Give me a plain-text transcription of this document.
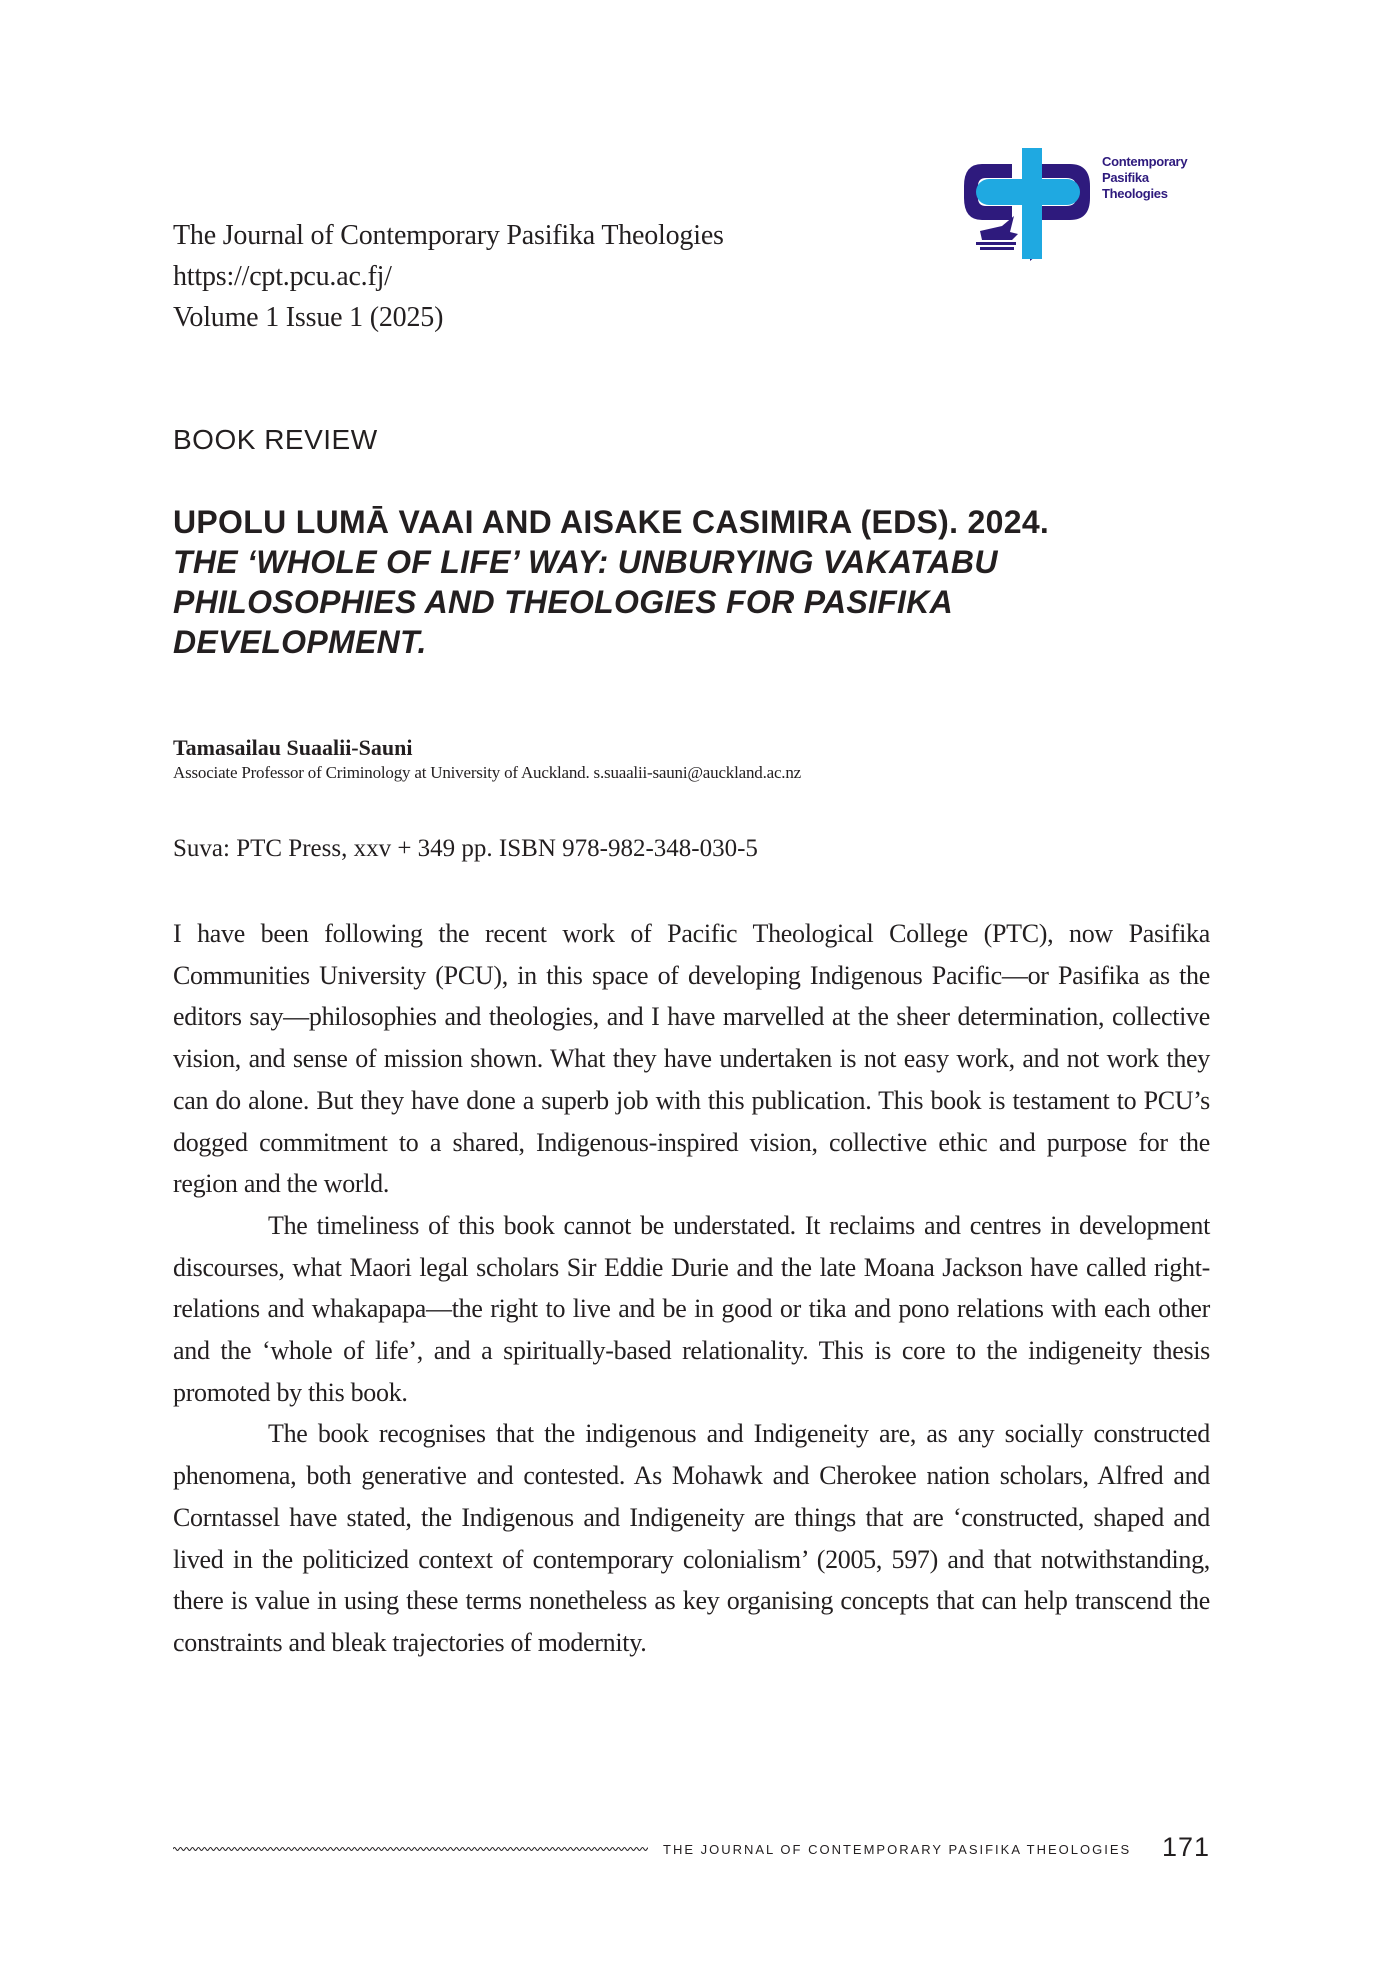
The Journal of Contemporary Pasifika Theologies
https://cpt.pcu.ac.fj/
Volume 1 Issue 1 (2025)
Contemporary
Pasifika
Theologies
BOOK REVIEW
UPOLU LUMĀ VAAI AND AISAKE CASIMIRA (EDS). 2024.
THE ‘WHOLE OF LIFE’ WAY: UNBURYING VAKATABU PHILOSOPHIES AND THEOLOGIES FOR PASIFIKA DEVELOPMENT.
Tamasailau Suaalii-Sauni
Associate Professor of Criminology at University of Auckland. s.suaalii-sauni@auckland.ac.nz
Suva: PTC Press, xxv + 349 pp. ISBN 978-982-348-030-5

I have been following the recent work of Pacific Theological College (PTC), now Pasifika Communities University (PCU), in this space of developing Indigenous Pacific—or Pasifika as the editors say—philosophies and theologies, and I have marvelled at the sheer determination, collective vision, and sense of mission shown. What they have undertaken is not easy work, and not work they can do alone. But they have done a superb job with this publication. This book is testament to PCU’s dogged commitment to a shared, Indigenous-inspired vision, collective ethic and purpose for the region and the world.

The timeliness of this book cannot be understated. It reclaims and centres in development discourses, what Maori legal scholars Sir Eddie Durie and the late Moana Jackson have called right-relations and whakapapa—the right to live and be in good or tika and pono relations with each other and the ‘whole of life’, and a spiritually-based relationality. This is core to the indigeneity thesis promoted by this book.

The book recognises that the indigenous and Indigeneity are, as any socially constructed phenomena, both generative and contested. As Mohawk and Cherokee nation scholars, Alfred and Corntassel have stated, the Indigenous and Indigeneity are things that are ‘constructed, shaped and lived in the politicized context of contemporary colonialism’ (2005, 597) and that notwithstanding, there is value in using these terms nonetheless as key organising concepts that can help transcend the constraints and bleak trajectories of modernity.

THE JOURNAL OF CONTEMPORARY PASIFIKA THEOLOGIES 171
